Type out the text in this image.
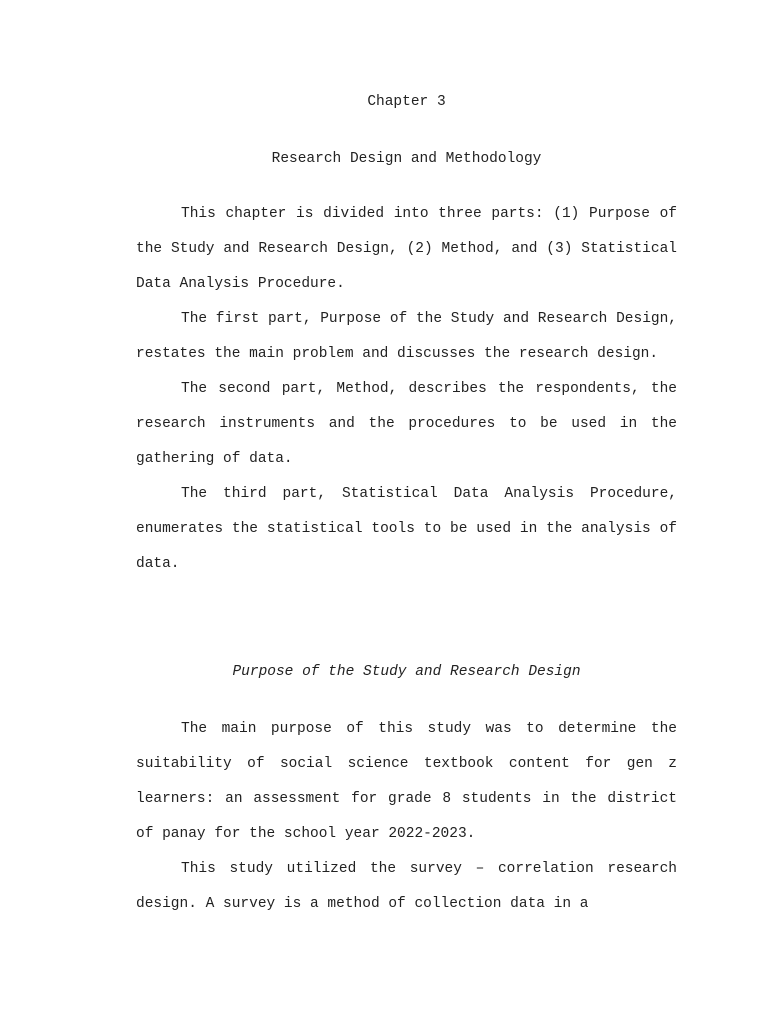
Chapter 3
Research Design and Methodology

This chapter is divided into three parts: (1) Purpose of the Study and Research Design, (2) Method, and (3) Statistical Data Analysis Procedure.

The first part, Purpose of the Study and Research Design, restates the main problem and discusses the research design.

The second part, Method, describes the respondents, the research instruments and the procedures to be used in the gathering of data.

The third part, Statistical Data Analysis Procedure, enumerates the statistical tools to be used in the analysis of data.

Purpose of the Study and Research Design

The main purpose of this study was to determine the suitability of social science textbook content for gen z learners: an assessment for grade 8 students in the district of panay for the school year 2022-2023.

This study utilized the survey – correlation research design. A survey is a method of collection data in a
